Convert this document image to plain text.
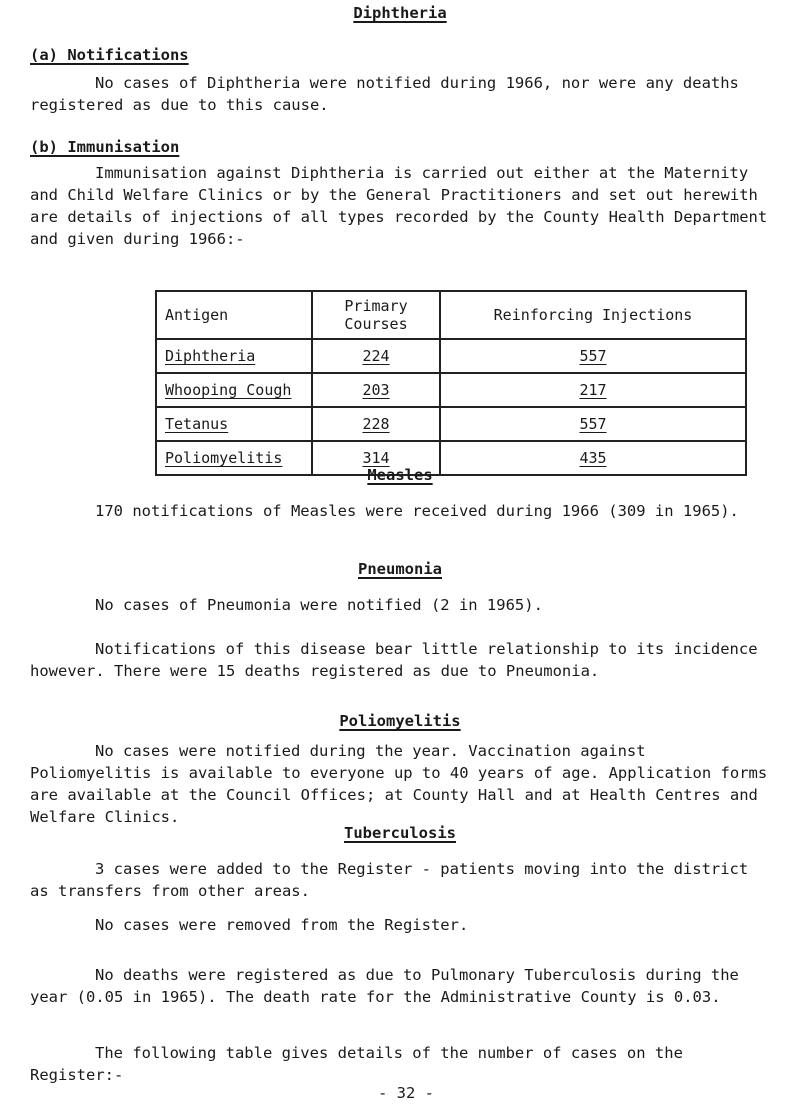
Diphtheria
(a) Notifications

No cases of Diphtheria were notified during 1966, nor were any deaths registered as due to this cause.

(b) Immunisation

Immunisation against Diphtheria is carried out either at the Maternity and Child Welfare Clinics or by the General Practitioners and set out herewith are details of injections of all types recorded by the County Health Department and given during 1966:-

Antigen	Primary Courses	Reinforcing Injections
Diphtheria	224	557
Whooping Cough	203	217
Tetanus	228	557
Poliomyelitis	314	435
Measles

170 notifications of Measles were received during 1966 (309 in 1965).

Pneumonia

No cases of Pneumonia were notified (2 in 1965).

Notifications of this disease bear little relationship to its incidence however. There were 15 deaths registered as due to Pneumonia.

Poliomyelitis

No cases were notified during the year. Vaccination against Poliomyelitis is available to everyone up to 40 years of age. Application forms are available at the Council Offices; at County Hall and at Health Centres and Welfare Clinics.

Tuberculosis

3 cases were added to the Register - patients moving into the district as transfers from other areas.

No cases were removed from the Register.

No deaths were registered as due to Pulmonary Tuberculosis during the year (0.05 in 1965). The death rate for the Administrative County is 0.03.

The following table gives details of the number of cases on the Register:-

- 32 -
